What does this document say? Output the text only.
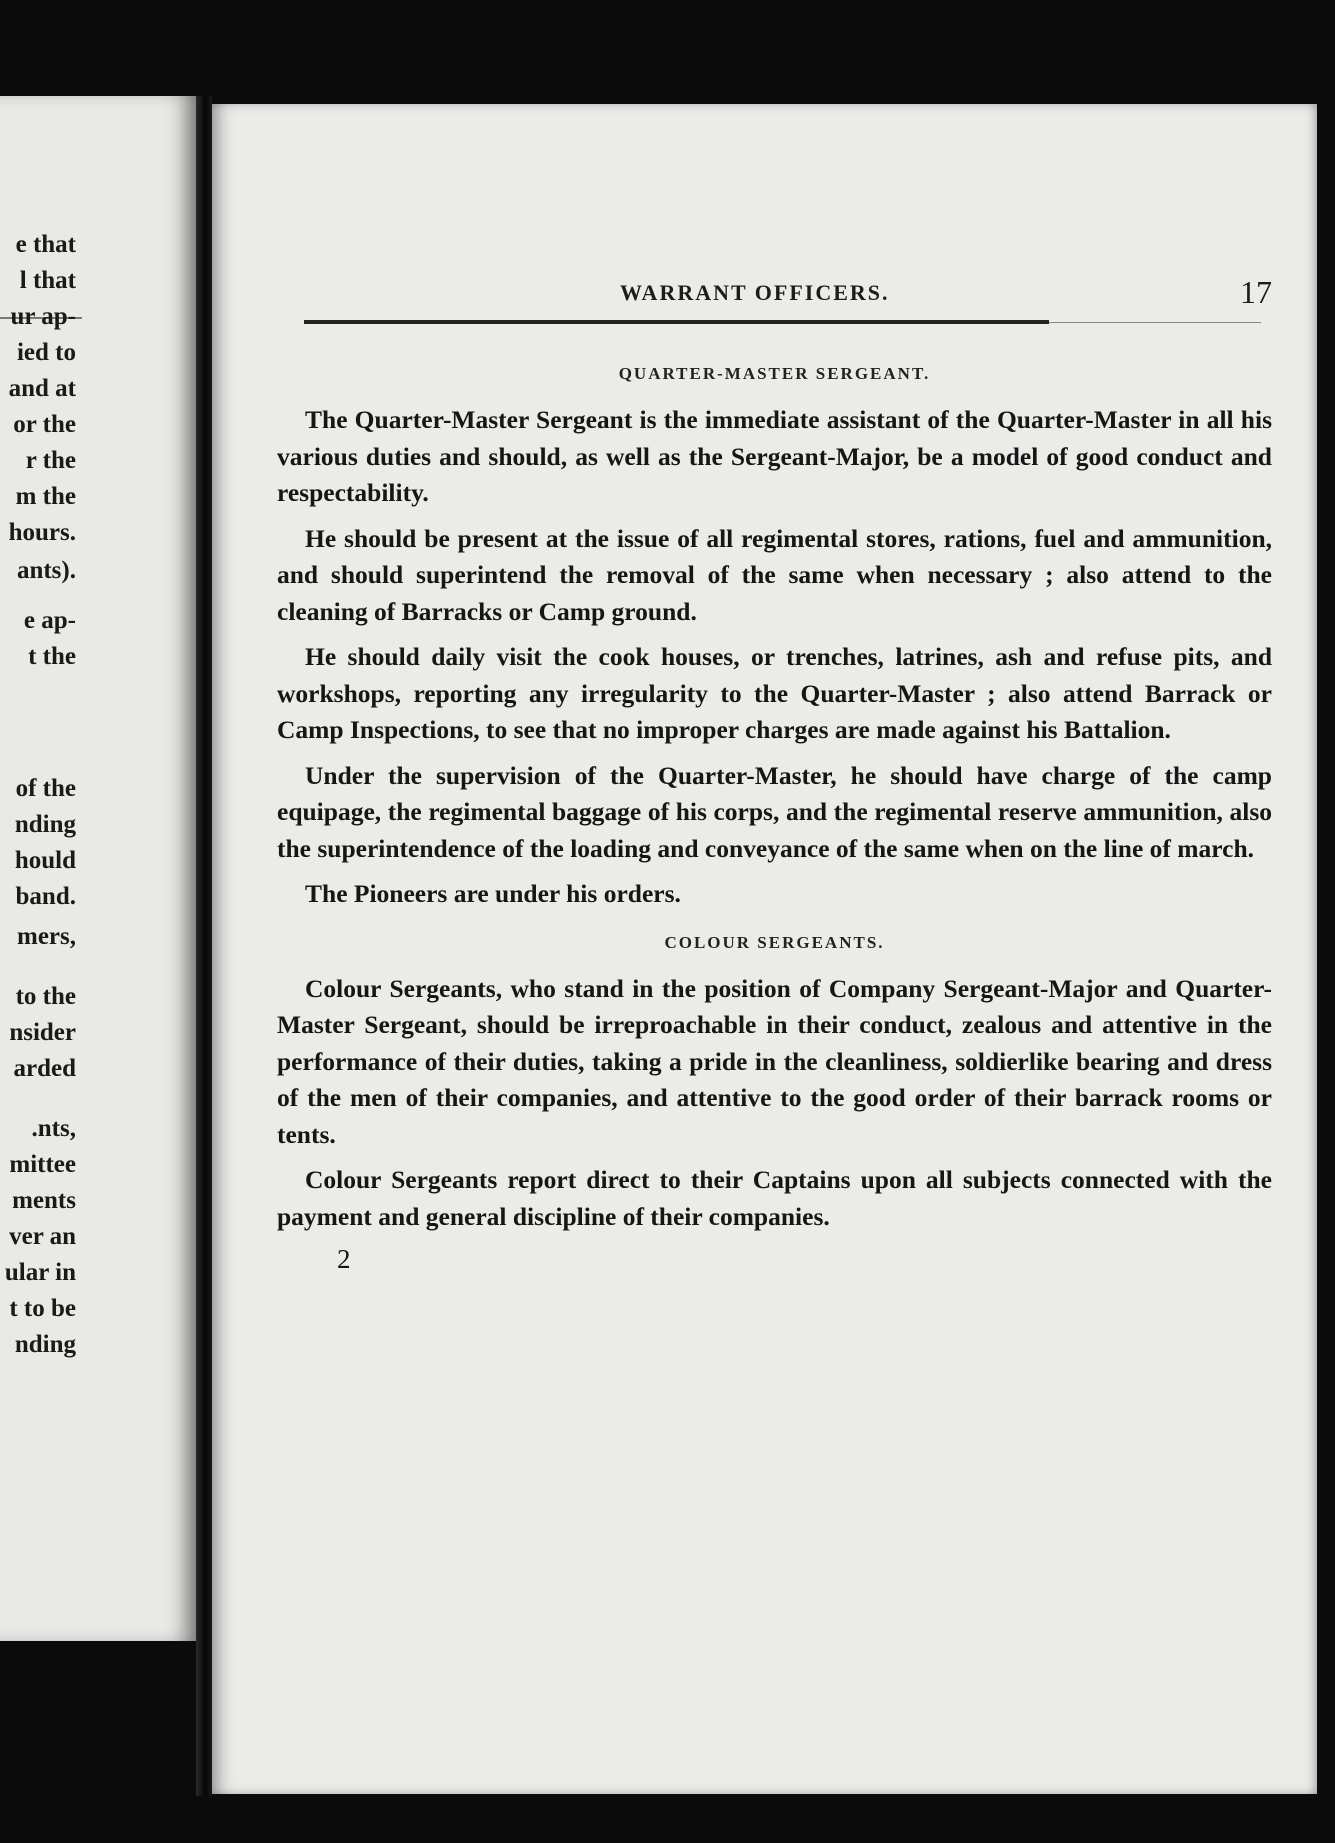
e that
l that
ur ap-
ied to
and at
or the
r the
m the
hours.
ants).
e ap-
t the
of the
nding
hould
band.
mers,
to the
nsider
arded
.nts,
mittee
ments
ver an
ular in
t to be
nding
WARRANT OFFICERS.	17
QUARTER-MASTER SERGEANT.

The Quarter-Master Sergeant is the immediate assistant of the Quarter-Master in all his various duties and should, as well as the Sergeant-Major, be a model of good conduct and respectability.

He should be present at the issue of all regimental stores, rations, fuel and ammunition, and should superintend the removal of the same when necessary ; also attend to the cleaning of Barracks or Camp ground.

He should daily visit the cook houses, or trenches, latrines, ash and refuse pits, and workshops, reporting any irregularity to the Quarter-Master ; also attend Barrack or Camp Inspections, to see that no improper charges are made against his Battalion.

Under the supervision of the Quarter-Master, he should have charge of the camp equipage, the regimental baggage of his corps, and the regimental reserve ammunition, also the superintendence of the loading and conveyance of the same when on the line of march.

The Pioneers are under his orders.

COLOUR SERGEANTS.

Colour Sergeants, who stand in the position of Company Sergeant-Major and Quarter-Master Sergeant, should be irreproachable in their conduct, zealous and attentive in the performance of their duties, taking a pride in the cleanliness, soldierlike bearing and dress of the men of their companies, and attentive to the good order of their barrack rooms or tents.

Colour Sergeants report direct to their Captains upon all subjects connected with the payment and general discipline of their companies.

2
